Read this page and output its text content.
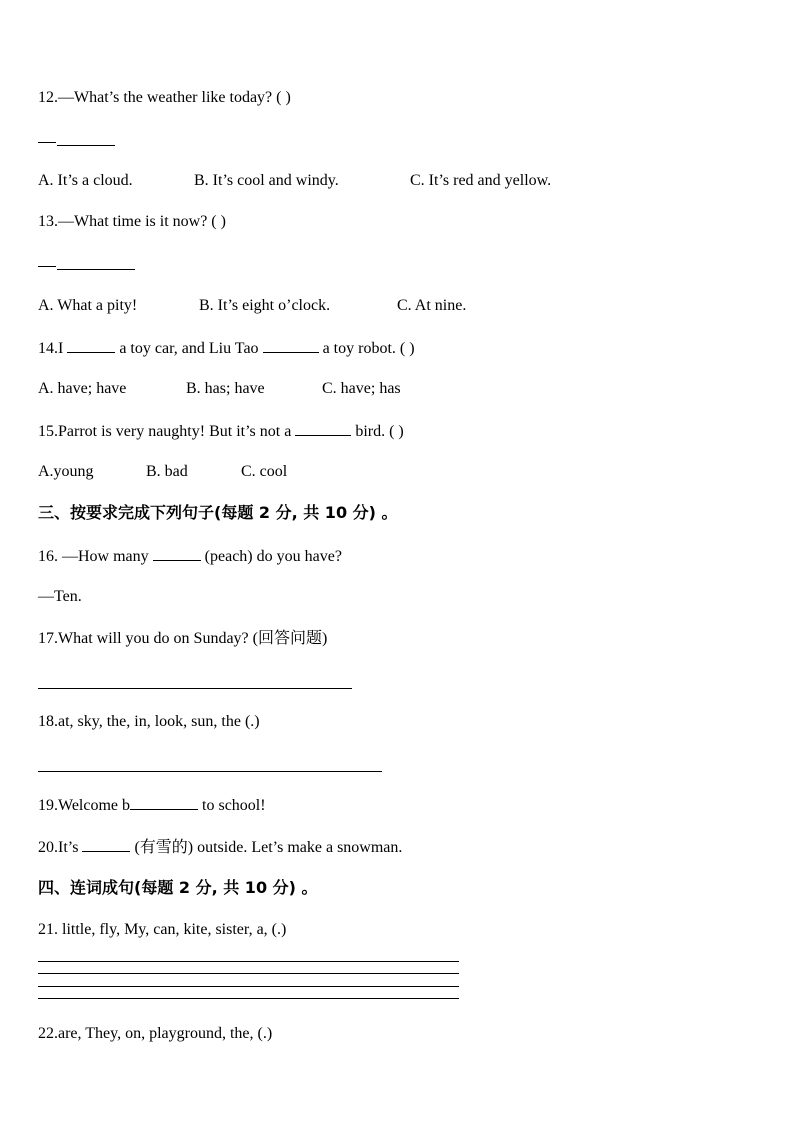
12.—What’s the weather like today? ( )
A. It’s a cloud.	B. It’s cool and windy.	C. It’s red and yellow.
13.—What time is it now? ( )
A. What a pity!	B. It’s eight o’clock.	C. At nine.
14.I	a toy car, and Liu Tao	a toy robot. ( )
A. have; have	B. has; have	C. have; has
15.Parrot is very naughty! But it’s not a	bird. ( )
A.young	B. bad	C. cool
三、按要求完成下列句子(每题 2 分, 共 10 分) 。
16. —How many	(peach) do you have?
—Ten.
17.What will you do on Sunday? (回答问题)
18.at, sky, the, in, look, sun, the (.)
19.Welcome b	to school!
20.It’s	(有雪的) outside. Let’s make a snowman.
四、连词成句(每题 2 分, 共 10 分) 。
21. little, fly, My, can, kite, sister, a, (.)
22.are, They, on, playground, the, (.)
